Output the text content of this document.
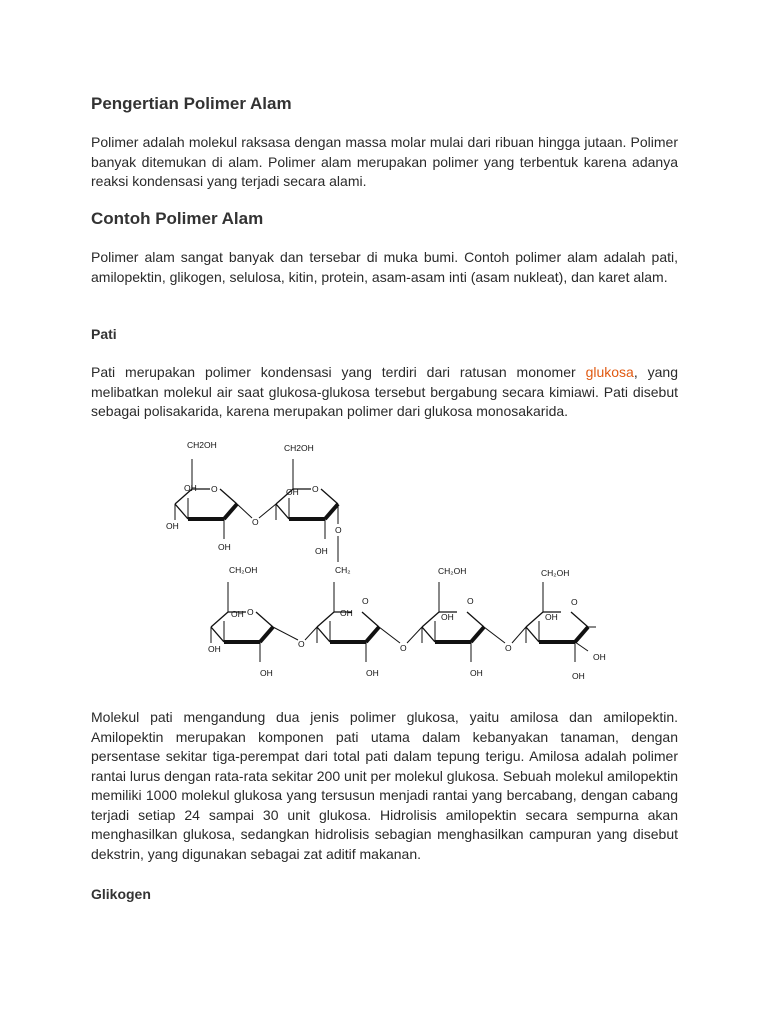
Pengertian Polimer Alam

Polimer adalah molekul raksasa dengan massa molar mulai dari ribuan hingga jutaan. Polimer banyak ditemukan di alam. Polimer alam merupakan polimer yang terbentuk karena adanya reaksi kondensasi yang terjadi secara alami.

Contoh Polimer Alam

Polimer alam sangat banyak dan tersebar di muka bumi. Contoh polimer alam adalah pati, amilopektin, glikogen, selulosa, kitin, protein, asam-asam inti (asam nukleat), dan karet alam.

Pati

Pati merupakan polimer kondensasi yang terdiri dari ratusan monomer glukosa, yang melibatkan molekul air saat glukosa-glukosa tersebut bergabung secara kimiawi. Pati disebut sebagai polisakarida, karena merupakan polimer dari glukosa monosakarida.

CH2OH
O
OH
OH
OH
CH2OH
O
OH
OH
O
O
CH₂OH
O
OH
OH
OH
CH₂
O
OH
OH
CH₂OH
O
OH
OH
CH₂OH
O
OH
OH
OH
O	O	O

Molekul pati mengandung dua jenis polimer glukosa, yaitu amilosa dan amilopektin. Amilopektin merupakan komponen pati utama dalam kebanyakan tanaman, dengan persentase sekitar tiga-perempat dari total pati dalam tepung terigu. Amilosa adalah polimer rantai lurus dengan rata-rata sekitar 200 unit per molekul glukosa. Sebuah molekul amilopektin memiliki 1000 molekul glukosa yang tersusun menjadi rantai yang bercabang, dengan cabang terjadi setiap 24 sampai 30 unit glukosa. Hidrolisis amilopektin secara sempurna akan menghasilkan glukosa, sedangkan hidrolisis sebagian menghasilkan campuran yang disebut dekstrin, yang digunakan sebagai zat aditif makanan.

Glikogen
